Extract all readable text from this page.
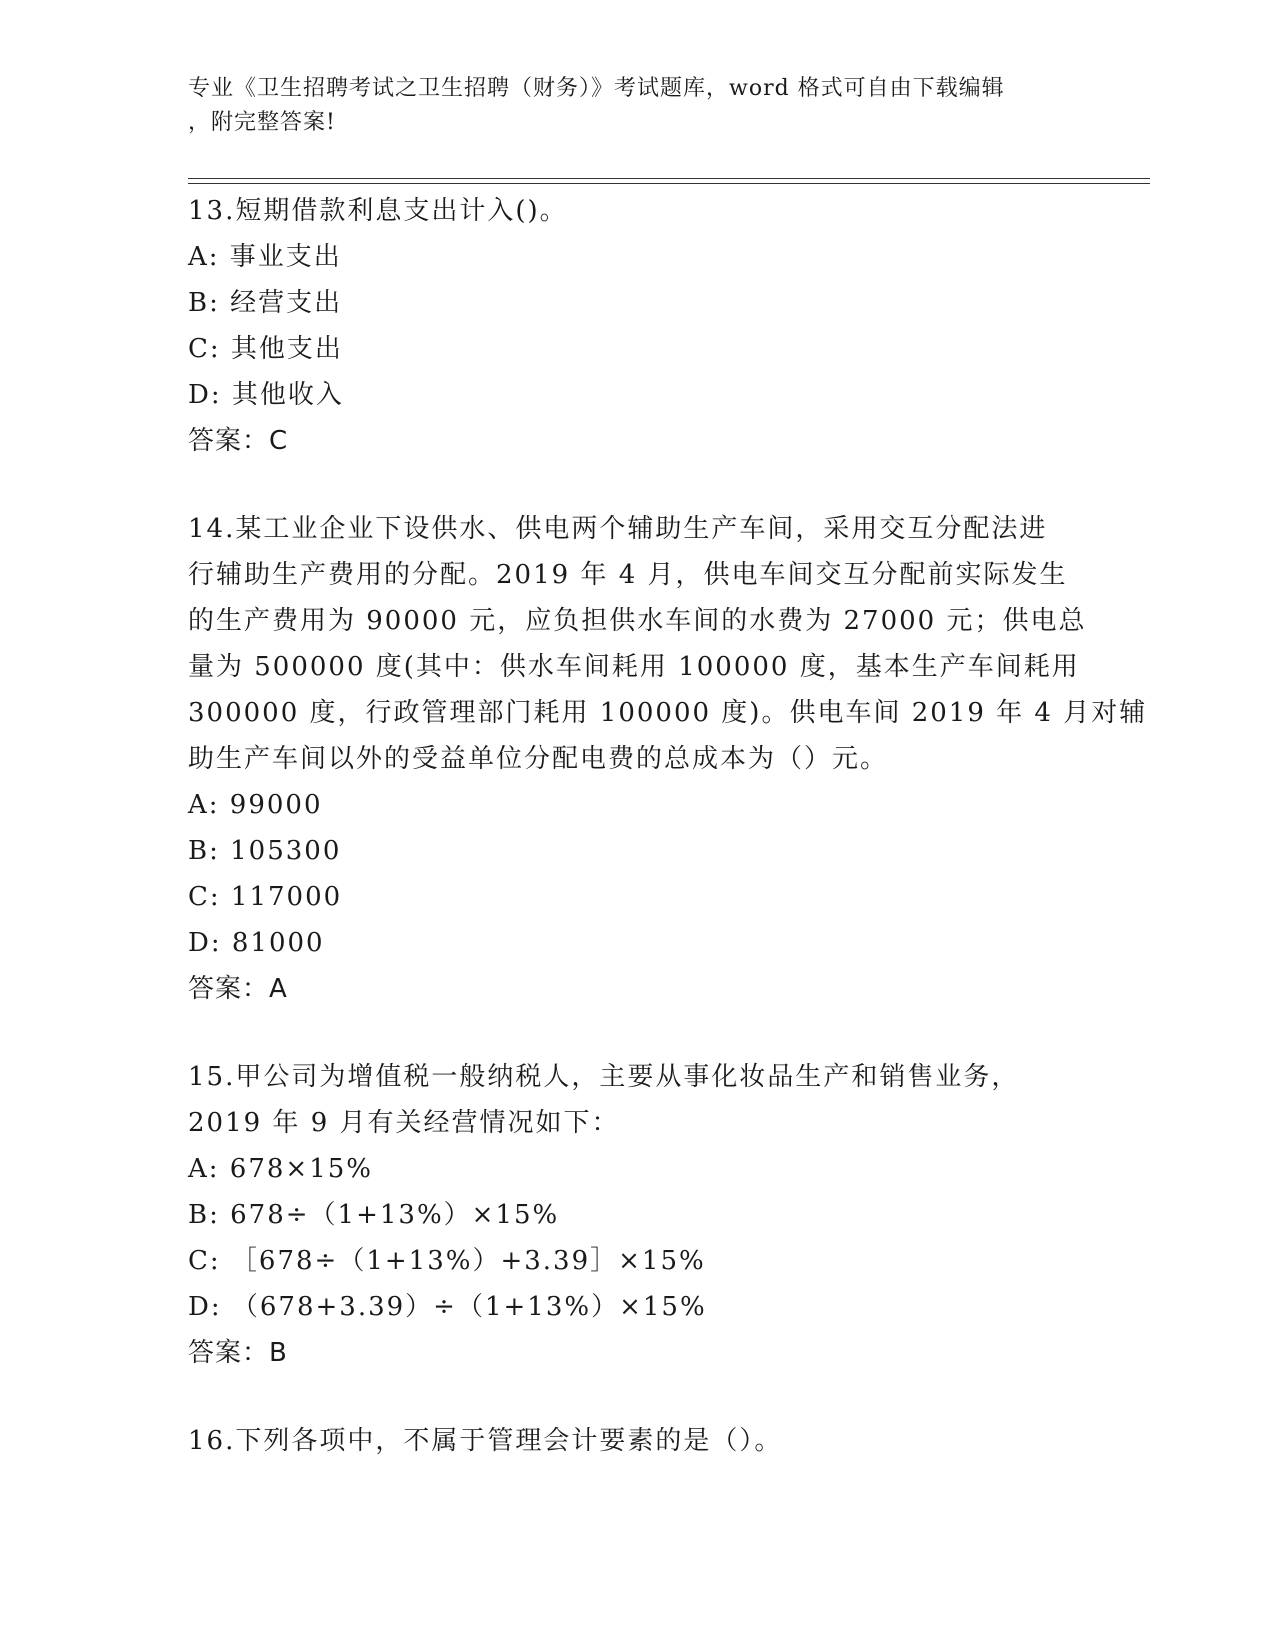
专业《卫生招聘考试之卫生招聘（财务）》考试题库，word 格式可自由下载编辑
，附完整答案!
13.短期借款利息支出计入()。
A: 事业支出
B: 经营支出
C: 其他支出
D: 其他收入
答案：C
14.某工业企业下设供水、供电两个辅助生产车间，采用交互分配法进
行辅助生产费用的分配。2019 年 4 月，供电车间交互分配前实际发生
的生产费用为 90000 元，应负担供水车间的水费为 27000 元；供电总
量为 500000 度(其中：供水车间耗用 100000 度，基本生产车间耗用
300000 度，行政管理部门耗用 100000 度)。供电车间 2019 年 4 月对辅
助生产车间以外的受益单位分配电费的总成本为（）元。
A: 99000
B: 105300
C: 117000
D: 81000
答案：A
15.甲公司为增值税一般纳税人，主要从事化妆品生产和销售业务，
2019 年 9 月有关经营情况如下：
A: 678×15%
B: 678÷（1+13%）×15%
C: ［678÷（1+13%）+3.39］×15%
D: （678+3.39）÷（1+13%）×15%
答案：B
16.下列各项中，不属于管理会计要素的是（）。
